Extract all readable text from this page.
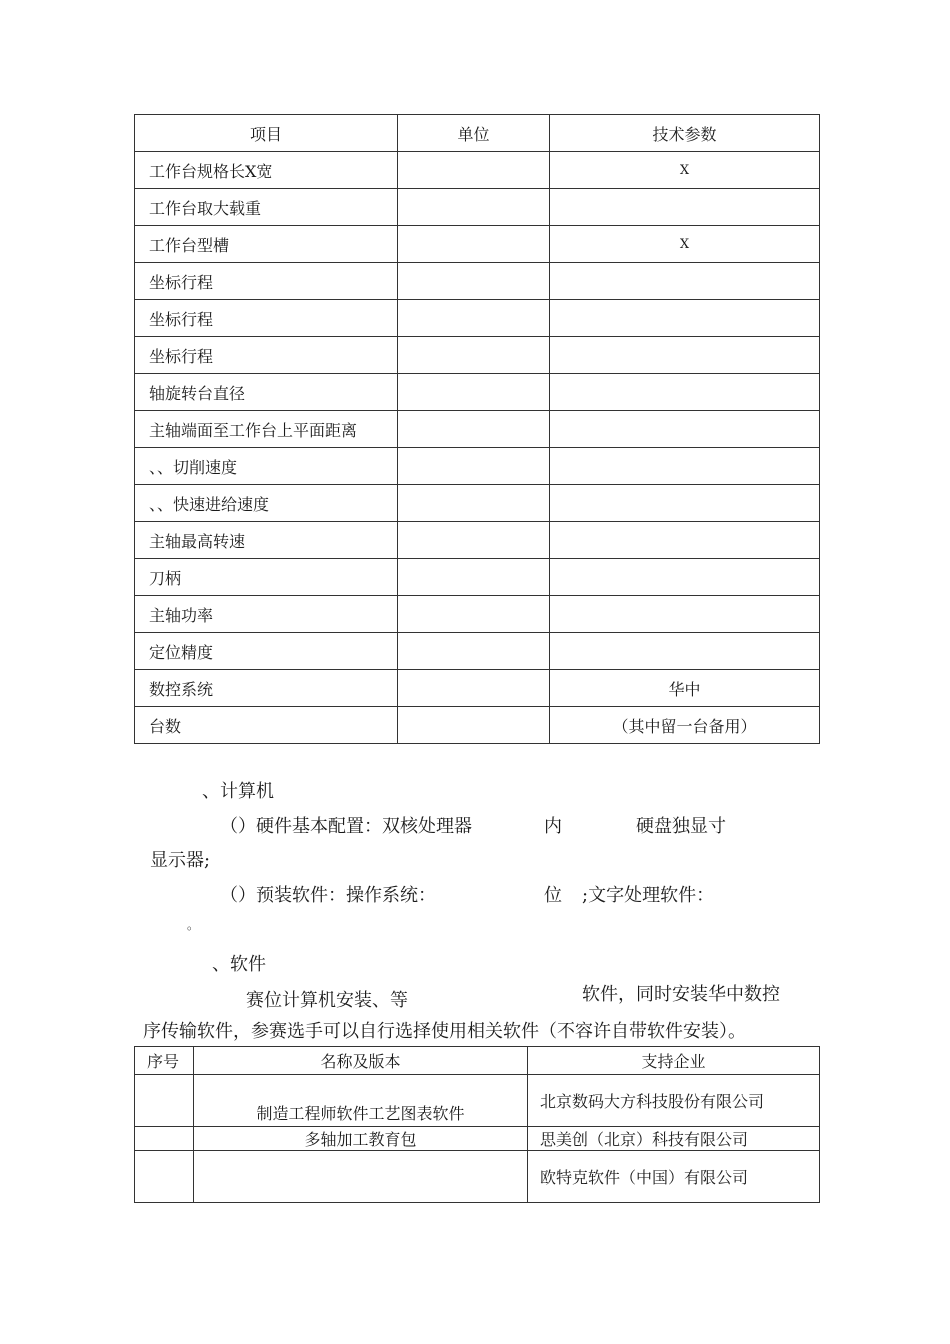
项目	单位	技术参数
工作台规格长X宽		X
工作台取大载重		
工作台型槽		X
坐标行程		
坐标行程		
坐标行程		
轴旋转台直径		
主轴端面至工作台上平面距离		
、、切削速度		
、、快速进给速度		
主轴最高转速		
刀柄		
主轴功率		
定位精度		
数控系统		华中
台数		（其中留一台备用）
、计算机
（）硬件基本配置：双核处理器	内	硬盘独显寸
显示器;
（）预装软件：操作系统：	位 ;文字处理软件：
。
、软件
赛位计算机安装、等	软件，同时安装华中数控
序传输软件，参赛选手可以自行选择使用相关软件（不容许自带软件安装）。
序号	名称及版本	支持企业
	制造工程师软件工艺图表软件	北京数码大方科技股份有限公司
	多轴加工教育包	思美创（北京）科技有限公司
		欧特克软件（中国）有限公司
